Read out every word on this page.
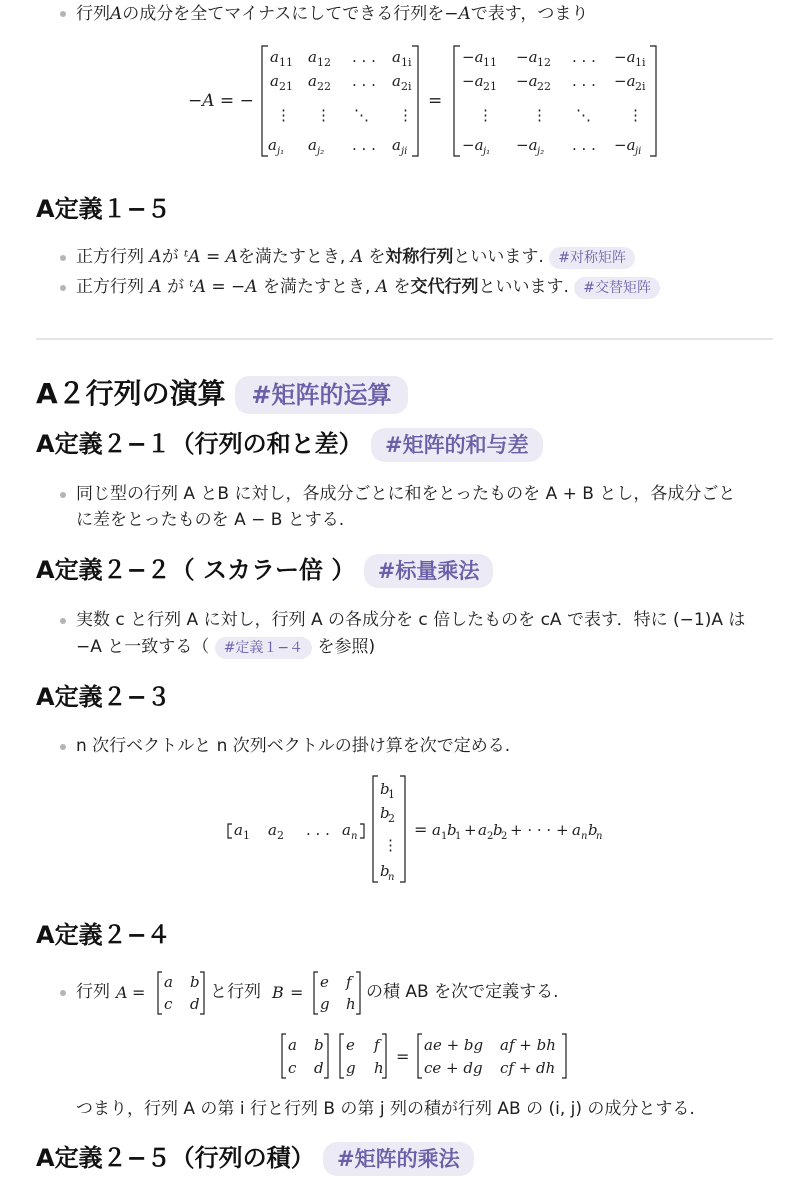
行列Aの成分を全てマイナスにしてできる行列を−Aで表す，つまり
−A = −
a 11 a 12 . . . a 1i
a 21 a 22 . . . a 2i
⋮ ⋮ ⋱ ⋮
a j₁ a j₂ . . . a ji
=
−a 11 −a 12 . . . −a 1i
−a 21 −a 22 . . . −a 2i
⋮	⋮ ⋱ ⋮
−a j₁ −a j₂ . . . −a ji
A定義１−５
正方行列 Aが ᵗA = Aを満たすとき, A を対称行列といいます. #对称矩阵
正方行列 A が ᵗA = −A を満たすとき, A を交代行列といいます. #交替矩阵
A２行列の演算 #矩阵的运算
A定義２−１（行列の和と差） #矩阵的和与差
同じ型の行列 A とB に対し，各成分ごとに和をとったものを A + B とし，各成分ごと
に差をとったものを A − B とする.
A定義２−２（ スカラー倍 ） #标量乘法
実数 c と行列 A に対し，行列 A の各成分を c 倍したものを cA で表す．特に (−1)A は
−A と一致する（ #定義１−４ を参照)
A定義２−３
n 次行ベクトルと n 次列ベクトルの掛け算を次で定める.
a 1 a 2 . . . a n
b
1
b
2
⋮
b
n
= a 1 b
1 + a 2 b
2 + · · · + a n b
n
A定義２−４
行列 A =
a b
c d
と行列 B =
e f
g h
の積 AB を次で定義する.
a b
c d
e f
g h
=
ae + bg af + bh
ce + dg cf + dh
つまり，行列 A の第 i 行と行列 B の第 j 列の積が行列 AB の (i, j) の成分とする.
A定義２−５（行列の積） #矩阵的乘法
